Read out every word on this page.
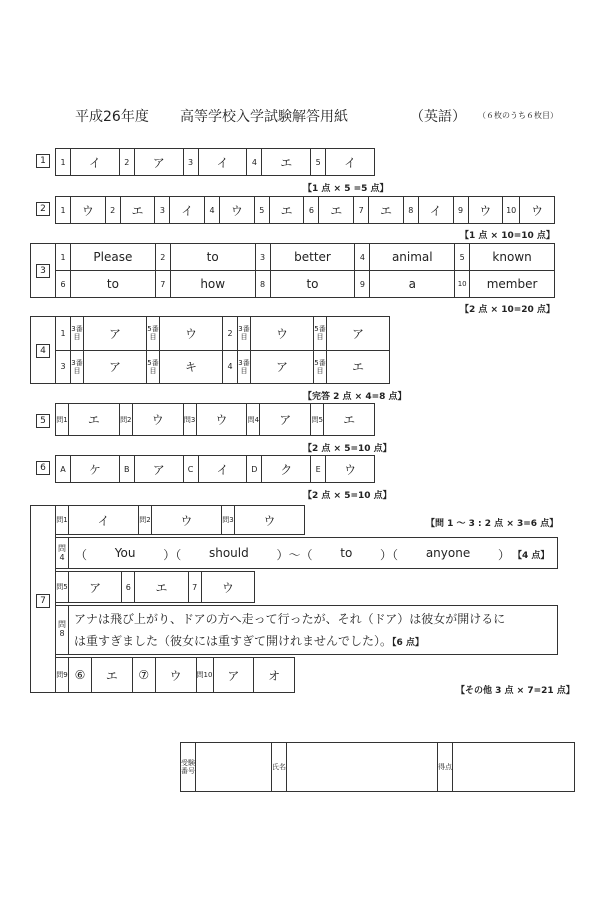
平成26年度 高等学校入学試験解答用紙	（英語） （６枚のうち６枚目）
1	1	イ	2	ア	3	イ	4	エ	5	イ
【1 点 × 5 =5 点】
2	1	ウ	2	エ	3	イ	4	ウ	5	エ	6	エ	7	エ	8	イ	9	ウ	10	ウ
【1 点 × 10=10 点】
3
1	Please	2	to	3	better	4	animal	5	known
6	to	7	how	8	to	9	a	10	member
【2 点 × 10=20 点】
4
1	3番目	ア	5番目	ウ	2	3番目	ウ	5番目	ア
3	3番目	ア	5番目	キ	4	3番目	ア	5番目	エ
【完答 2 点 × 4=8 点】
5	問1	エ	問2	ウ	問3	ウ	問4	ア	問5	エ
【2 点 × 5=10 点】
6	A	ケ	B	ア	C	イ	D	ク	E	ウ
【2 点 × 5=10 点】
7
問1	イ	問2	ウ	問3	ウ	【問 1 ～ 3 : 2 点 × 3=6 点】
問4 （ You ）（ should ）～（ to ）（ anyone ） 【4 点】
問5	ア	6	エ	7	ウ
問8
アナは飛び上がり、ドアの方へ走って行ったが、それ（ドア）は彼女が開けるに
は重すぎました（彼女には重すぎて開けれませんでした）。【6 点】
問9	⑥	エ	⑦	ウ	問10	ア	オ
【その他 3 点 × 7=21 点】
受験番号		氏名		得点	
